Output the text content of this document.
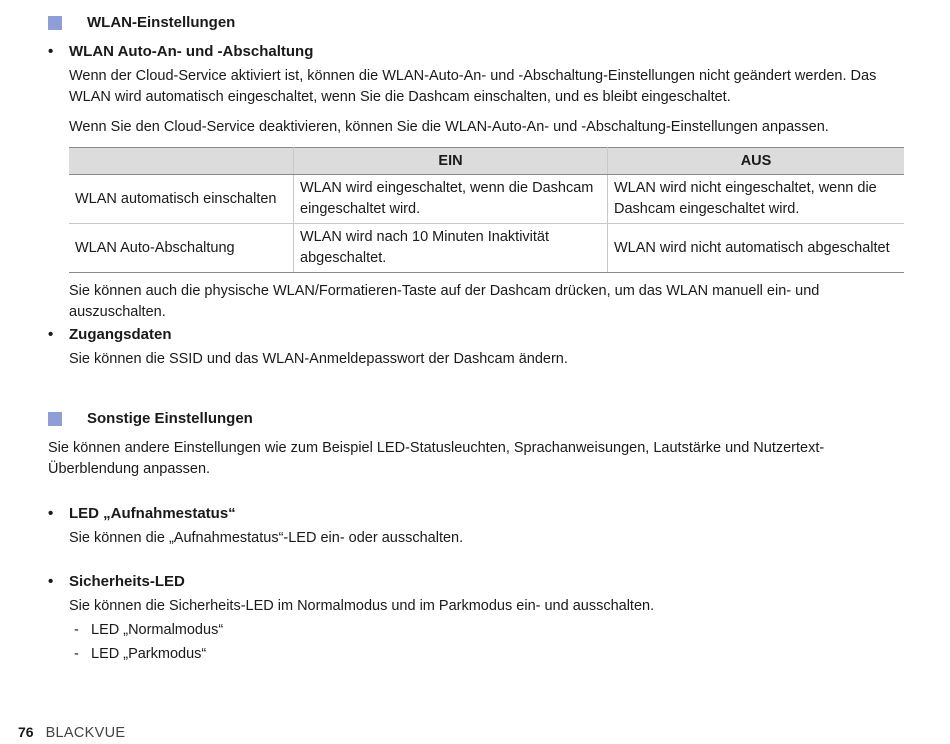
WLAN-Einstellungen
•	WLAN Auto-An- und -Abschaltung
Wenn der Cloud-Service aktiviert ist, können die WLAN-Auto-An- und -Abschaltung-Einstellungen nicht geändert werden. Das WLAN wird automatisch eingeschaltet, wenn Sie die Dashcam einschalten, und es bleibt eingeschaltet.
Wenn Sie den Cloud-Service deaktivieren, können Sie die WLAN-Auto-An- und -Abschaltung-Einstellungen anpassen.
	EIN	AUS
WLAN automatisch einschalten	WLAN wird eingeschaltet, wenn die Dashcam eingeschaltet wird.	WLAN wird nicht eingeschaltet, wenn die Dashcam eingeschaltet wird.
WLAN Auto-Abschaltung	WLAN wird nach 10 Minuten Inaktivität abgeschaltet.	WLAN wird nicht automatisch abgeschaltet
Sie können auch die physische WLAN/Formatieren-Taste auf der Dashcam drücken, um das WLAN manuell ein- und auszuschalten.
•	Zugangsdaten
Sie können die SSID und das WLAN-Anmeldepasswort der Dashcam ändern.
Sonstige Einstellungen
Sie können andere Einstellungen wie zum Beispiel LED-Statusleuchten, Sprachanweisungen, Lautstärke und Nutzertext-Überblendung anpassen.
•	LED „Aufnahmestatus“
Sie können die „Aufnahmestatus“-LED ein- oder ausschalten.
•	Sicherheits-LED
Sie können die Sicherheits-LED im Normalmodus und im Parkmodus ein- und ausschalten.
- LED „Normalmodus“
- LED „Parkmodus“
76 BLACKVUE
